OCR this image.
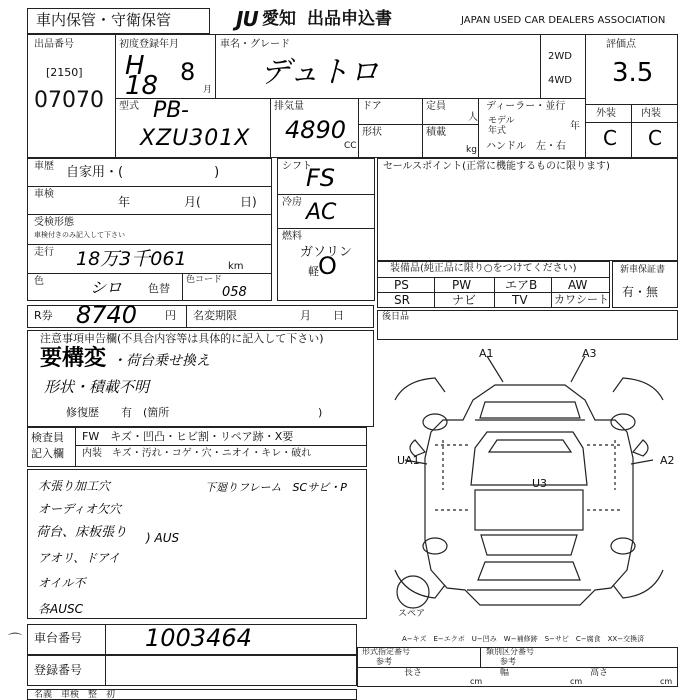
車内保管・守衛保管	JU 愛知 出品申込書	JAPAN USED CAR DEALERS ASSOCIATION
出品番号
[2150]
07070
初度登録年月
H 18 8
月
車名・グレード
デュトロ	2WD
4WD
評価点
3.5
外装	内装
C C
型式 PB-
XZU301X
排気量
4890
CC
ドア
形状
定員
人
積載
kg
ディーラー・並行
モデル
年式	年
ハンドル　左・右
車歴 自家用・(　　　　　　　)
車検
年	月(	日)
受検形態
車検付きのみ記入して下さい
走行 18万3千061	km
色	シロ 色替
色コード
058
シフト
FS
冷房 AC
燃料
ガソリン
軽 O
セールスポイント(正常に機能するものに限ります)
装備品(純正品に限り○をつけてください)
PS	PW	エアB	AW
SR	ナビ	TV カワシート
新車保証書
有・無
R券 8740	円 名変期限	月　　日	後日品
注意事項申告欄(不具合内容等は具体的に記入して下さい)
要構変 ・荷台乗せ換え
形状・積載不明
修復歴　　有　(箇所	)
検査員
記入欄
FW　キズ・凹凸・ヒビ割・リペア跡・X要
内装　キズ・汚れ・コゲ・穴・ニオイ・キレ・破れ
木張り加工穴
オーディオ欠穴
荷台、床板張り ) AUS
アオリ、ドアイ
オイル不
各AUSC
下廻りフレーム　SCサビ・P
A1	A3
UA1	A2
U3
スペア
A−キズ　E−エクボ　U−凹み　W−補修跡　S−サビ　C−腐食　XX−交換済
⌒ 車台番号	1003464
登録番号
形式指定番号
参考
類別区分番号
参考
長さ
cm
幅
cm
高さ
cm
名義　車検　整　初　　　　
